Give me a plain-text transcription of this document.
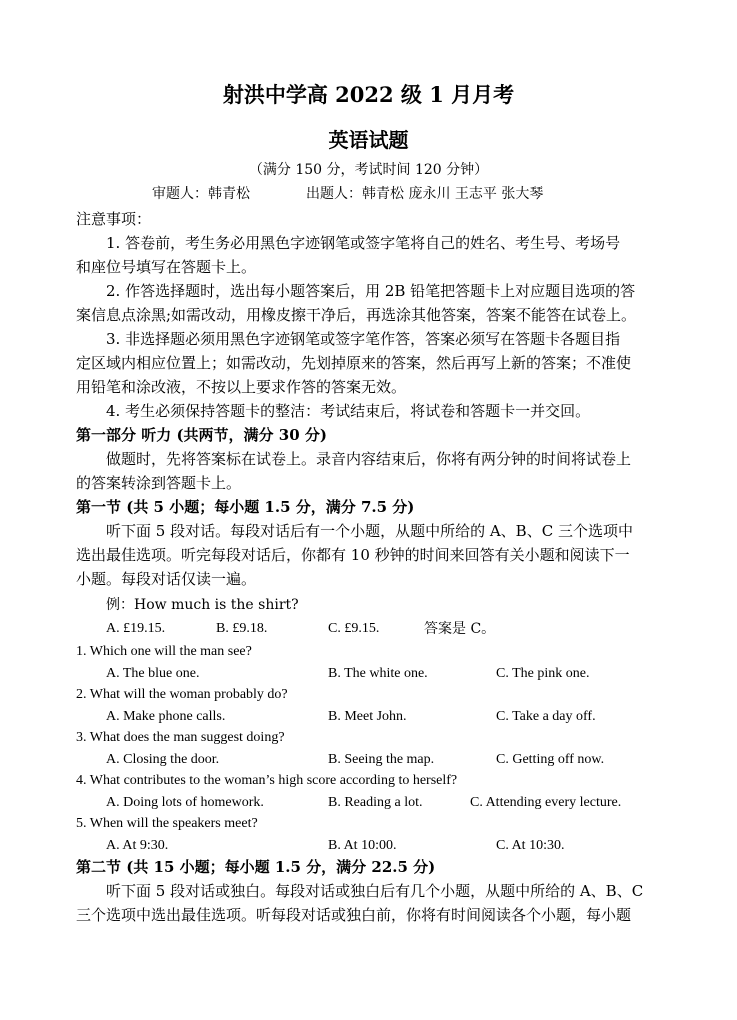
射洪中学高 2022 级 1 月月考
英语试题
（满分 150 分，考试时间 120 分钟）
审题人：韩青松	出题人：韩青松 庞永川 王志平 张大琴
注意事项：
1. 答卷前，考生务必用黑色字迹钢笔或签字笔将自己的姓名、考生号、考场号
和座位号填写在答题卡上。
2. 作答选择题时，选出每小题答案后，用 2B 铅笔把答题卡上对应题目选项的答
案信息点涂黑;如需改动，用橡皮擦干净后，再选涂其他答案，答案不能答在试卷上。
3. 非选择题必须用黑色字迹钢笔或签字笔作答，答案必须写在答题卡各题目指
定区域内相应位置上；如需改动，先划掉原来的答案，然后再写上新的答案；不准使
用铅笔和涂改液，不按以上要求作答的答案无效。
4. 考生必须保持答题卡的整洁：考试结束后，将试卷和答题卡一并交回。
第一部分 听力 (共两节，满分 30 分)
做题时，先将答案标在试卷上。录音内容结束后，你将有两分钟的时间将试卷上
的答案转涂到答题卡上。
第一节 (共 5 小题；每小题 1.5 分，满分 7.5 分)
听下面 5 段对话。每段对话后有一个小题，从题中所给的 A、B、C 三个选项中
选出最佳选项。听完每段对话后，你都有 10 秒钟的时间来回答有关小题和阅读下一
小题。每段对话仅读一遍。
例：How much is the shirt?
A. £19.15.	B. £9.18.	C. £9.15.	答案是 C。
1. Which one will the man see?
A. The blue one.	B. The white one.	C. The pink one.
2. What will the woman probably do?
A. Make phone calls.	B. Meet John.	C. Take a day off.
3. What does the man suggest doing?
A. Closing the door.	B. Seeing the map.	C. Getting off now.
4. What contributes to the woman’s high score according to herself?
A. Doing lots of homework.	B. Reading a lot.	C. Attending every lecture.
5. When will the speakers meet?
A. At 9:30.	B. At 10:00.	C. At 10:30.
第二节 (共 15 小题；每小题 1.5 分，满分 22.5 分)
听下面 5 段对话或独白。每段对话或独白后有几个小题，从题中所给的 A、B、C
三个选项中选出最佳选项。听每段对话或独白前，你将有时间阅读各个小题，每小题
